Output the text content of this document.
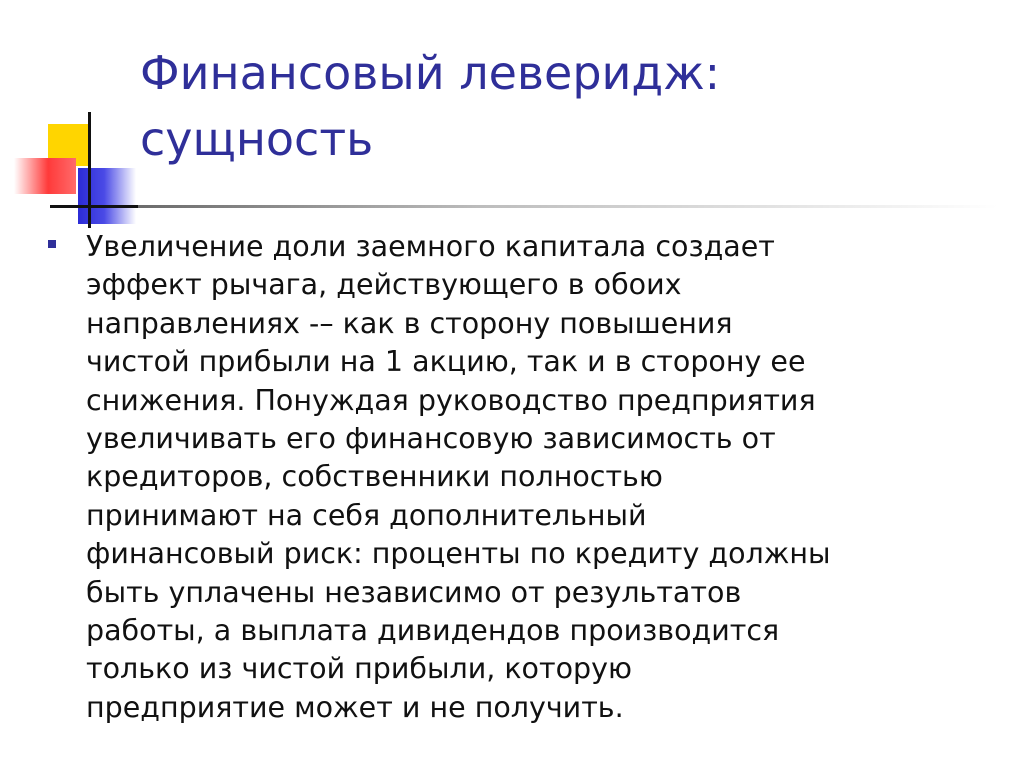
Финансовый леверидж:
сущность

Увеличение доли заемного капитала создает
эффект рычага, действующего в обоих
направлениях -– как в сторону повышения
чистой прибыли на 1 акцию, так и в сторону ее
снижения. Понуждая руководство предприятия
увеличивать его финансовую зависимость от
кредиторов, собственники полностью
принимают на себя дополнительный
финансовый риск: проценты по кредиту должны
быть уплачены независимо от результатов
работы, а выплата дивидендов производится
только из чистой прибыли, которую
предприятие может и не получить.
